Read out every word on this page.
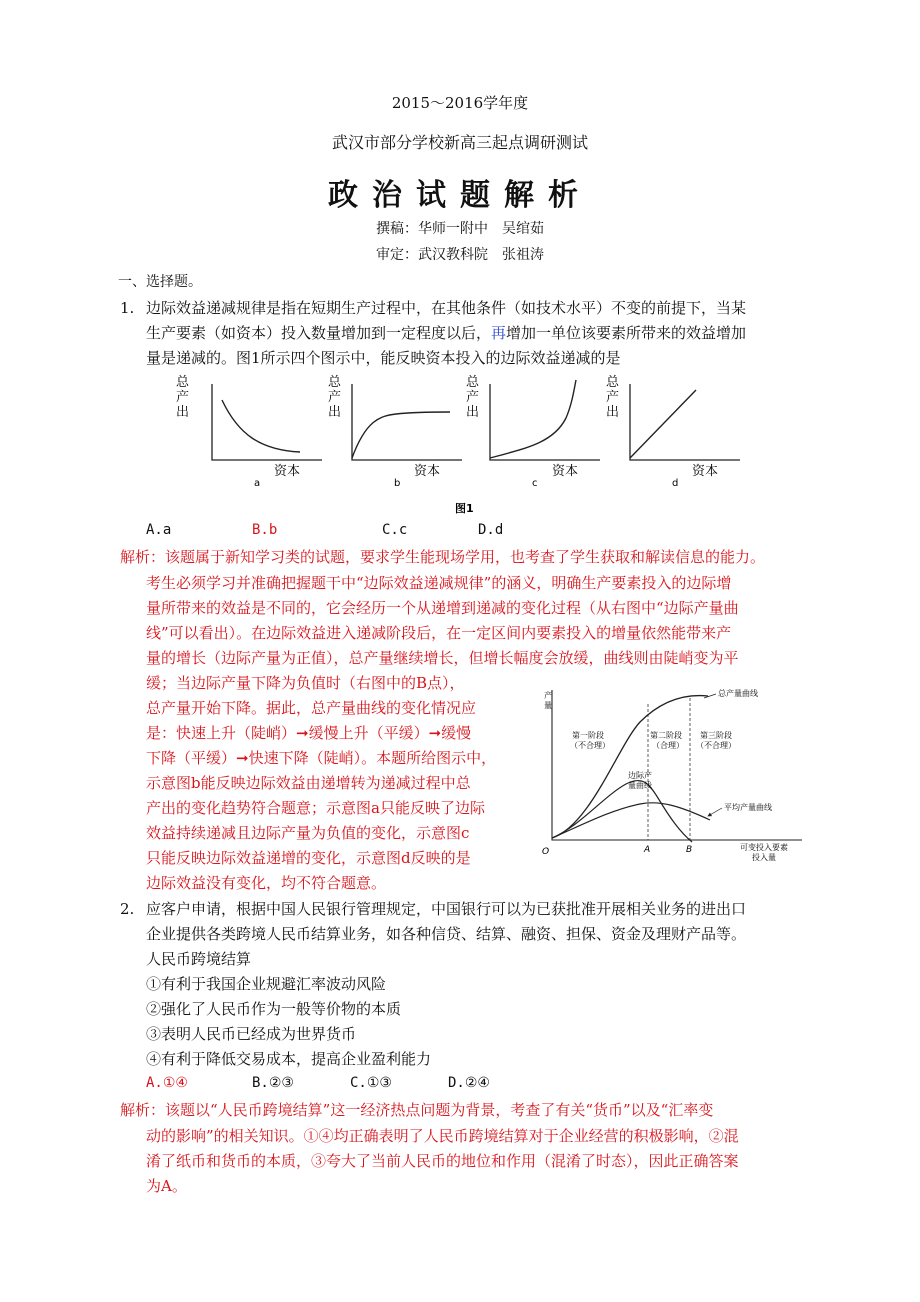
2015～2016学年度
武汉市部分学校新高三起点调研测试
政治试题解析
撰稿：华师一附中　吴绾茹
审定：武汉教科院　张祖涛
一、选择题。
1. 边际效益递减规律是指在短期生产过程中，在其他条件（如技术水平）不变的前提下，当某
生产要素（如资本）投入数量增加到一定程度以后，再增加一单位该要素所带来的效益增加
量是递减的。图1所示四个图示中，能反映资本投入的边际效益递减的是
总
产
出
资本
a
总
产
出
资本
b
总
产
出
资本
c
总
产
出
资本
d
图1
A.a	B.b	C.c	D.d
解析：该题属于新知学习类的试题，要求学生能现场学用，也考查了学生获取和解读信息的能力。
考生必须学习并准确把握题干中“边际效益递减规律”的涵义，明确生产要素投入的边际增
量所带来的效益是不同的，它会经历一个从递增到递减的变化过程（从右图中“边际产量曲
线”可以看出）。在边际效益进入递减阶段后，在一定区间内要素投入的增量依然能带来产
量的增长（边际产量为正值），总产量继续增长，但增长幅度会放缓，曲线则由陡峭变为平
缓；当边际产量下降为负值时（右图中的B点），
总产量开始下降。据此，总产量曲线的变化情况应
是：快速上升（陡峭）➞缓慢上升（平缓）➞缓慢
下降（平缓）➞快速下降（陡峭）。本题所给图示中，
示意图b能反映边际效益由递增转为递减过程中总
产出的变化趋势符合题意；示意图a只能反映了边际
效益持续递减且边际产量为负值的变化，示意图c
只能反映边际效益递增的变化，示意图d反映的是
边际效益没有变化，均不符合题意。
产
量
总产量曲线
第一阶段
（不合理）
第二阶段
（合理）
第三阶段
（不合理）
边际产
量曲线
平均产量曲线
O	A	B	可变投入要素
投入量
2. 应客户申请，根据中国人民银行管理规定，中国银行可以为已获批准开展相关业务的进出口
企业提供各类跨境人民币结算业务，如各种信贷、结算、融资、担保、资金及理财产品等。
人民币跨境结算
①有利于我国企业规避汇率波动风险
②强化了人民币作为一般等价物的本质
③表明人民币已经成为世界货币
④有利于降低交易成本，提高企业盈利能力
A.①④	B.②③	C.①③	D.②④
解析：该题以“人民币跨境结算”这一经济热点问题为背景，考查了有关“货币”以及“汇率变
动的影响”的相关知识。①④均正确表明了人民币跨境结算对于企业经营的积极影响，②混
淆了纸币和货币的本质，③夸大了当前人民币的地位和作用（混淆了时态），因此正确答案
为A。
